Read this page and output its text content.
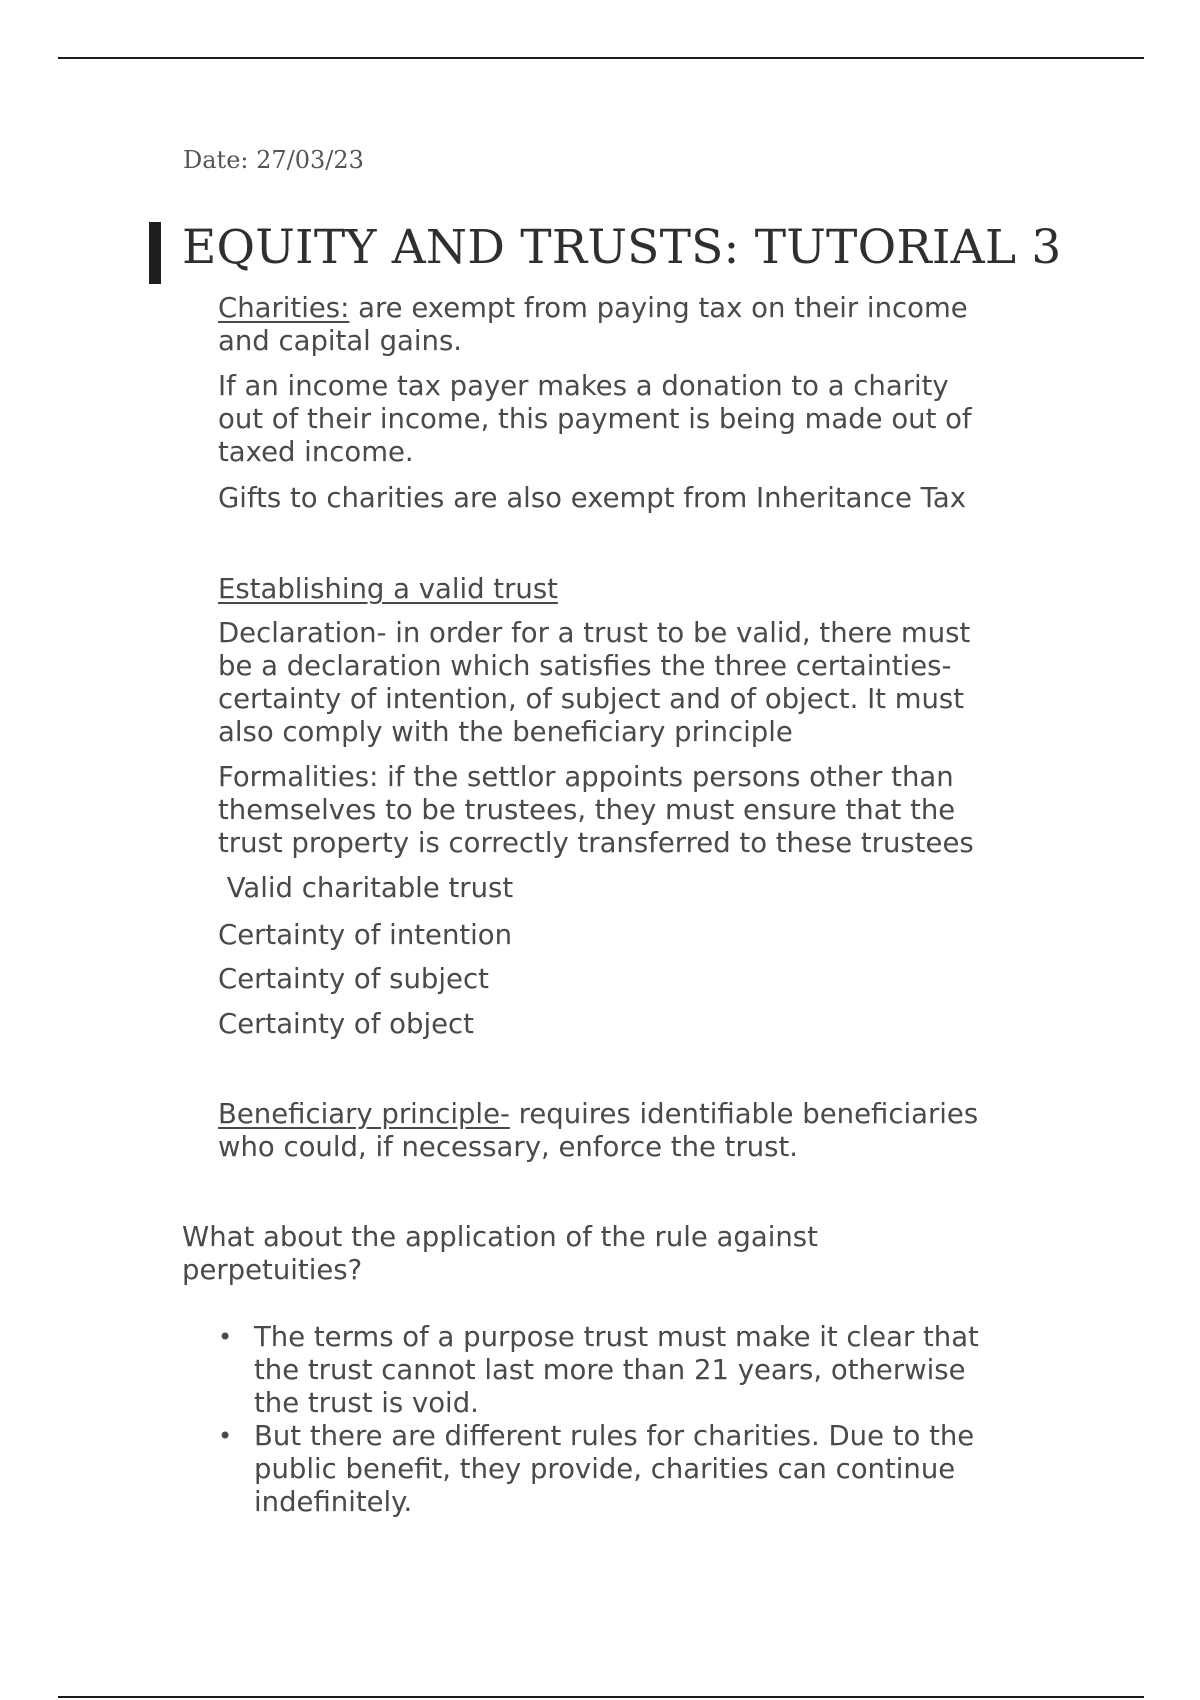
Date: 27/03/23
EQUITY AND TRUSTS: TUTORIAL 3

Charities: are exempt from paying tax on their income
and capital gains.

If an income tax payer makes a donation to a charity
out of their income, this payment is being made out of
taxed income.

Gifts to charities are also exempt from Inheritance Tax

Establishing a valid trust

Declaration- in order for a trust to be valid, there must
be a declaration which satisfies the three certainties-
certainty of intention, of subject and of object. It must
also comply with the beneficiary principle

Formalities: if the settlor appoints persons other than
themselves to be trustees, they must ensure that the
trust property is correctly transferred to these trustees

Valid charitable trust

Certainty of intention

Certainty of subject

Certainty of object

Beneficiary principle- requires identifiable beneficiaries
who could, if necessary, enforce the trust.

What about the application of the rule against
perpetuities?

• The terms of a purpose trust must make it clear that
the trust cannot last more than 21 years, otherwise
the trust is void.
• But there are different rules for charities. Due to the
public benefit, they provide, charities can continue
indefinitely.
